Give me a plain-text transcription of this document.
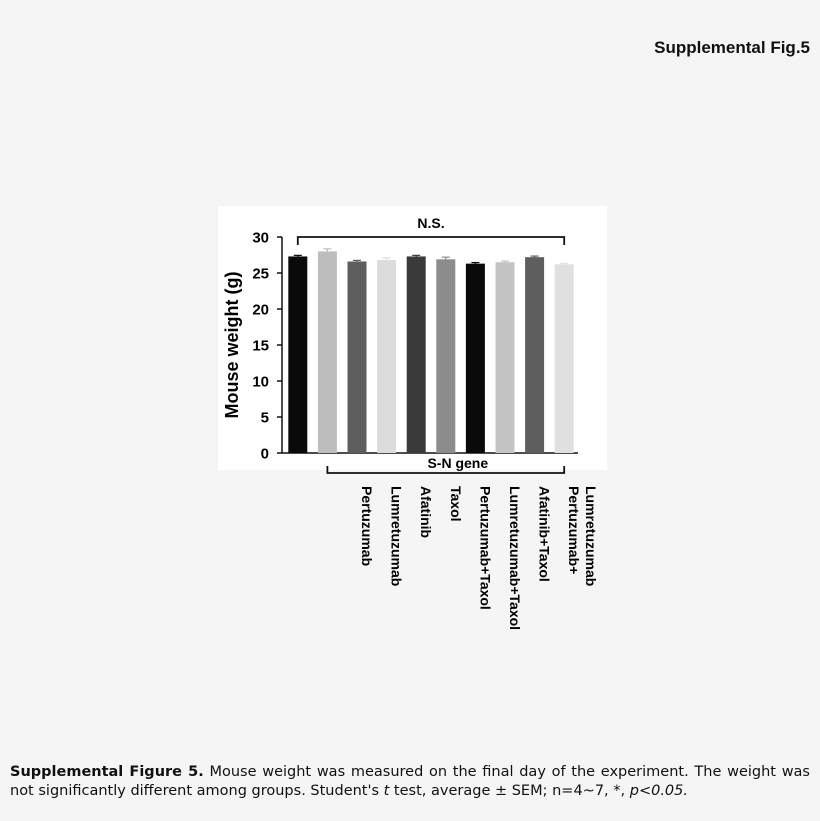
Supplemental Fig.5
0
5
10
15
20
25
30
Mouse weight (g)
N.S.
S-N gene
Pertuzumab Lumretuzumab Afatinib Taxol Pertuzumab+Taxol Lumretuzumab+Taxol Afatinib+Taxol Pertuzumab+ Lumretuzumab
Supplemental Figure 5. Mouse weight was measured on the final day of the experiment. The weight was not significantly different among groups. Student's t test, average ± SEM; n=4~7, *, p<0.05.
